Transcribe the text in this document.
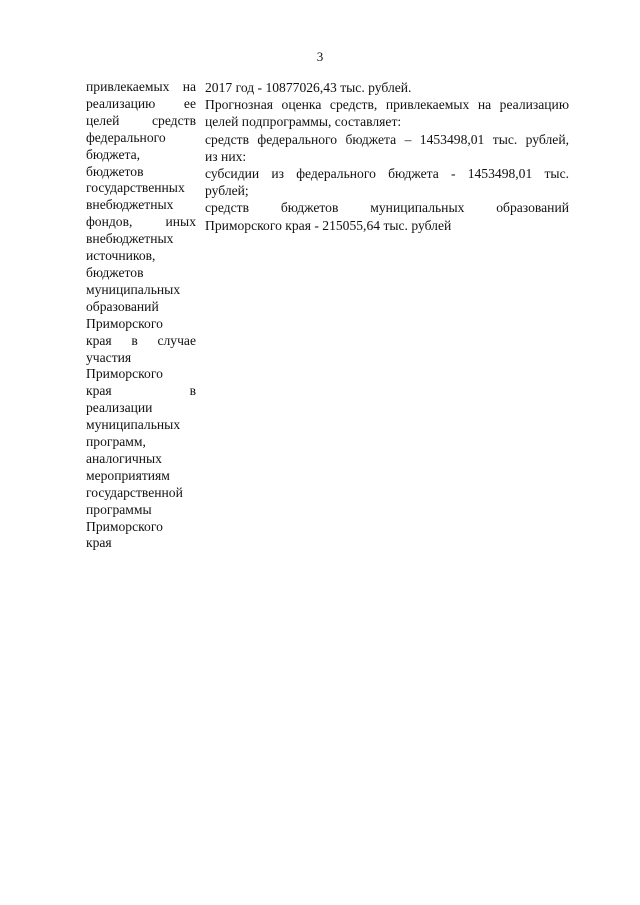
3
привлекаемых на
реализацию ее
целей средств
федерального
бюджета,
бюджетов
государственных
внебюджетных
фондов, иных
внебюджетных
источников,
бюджетов
муниципальных
образований
Приморского
края в случае
участия
Приморского
края в
реализации
муниципальных
программ,
аналогичных
мероприятиям
государственной
программы
Приморского
края
2017 год - 10877026,43 тыс. рублей.
Прогнозная оценка средств, привлекаемых на реализацию
целей подпрограммы, составляет:
средств федерального бюджета – 1453498,01 тыс. рублей,
из них:
субсидии из федерального бюджета - 1453498,01 тыс.
рублей;
средств бюджетов муниципальных образований
Приморского края - 215055,64 тыс. рублей
